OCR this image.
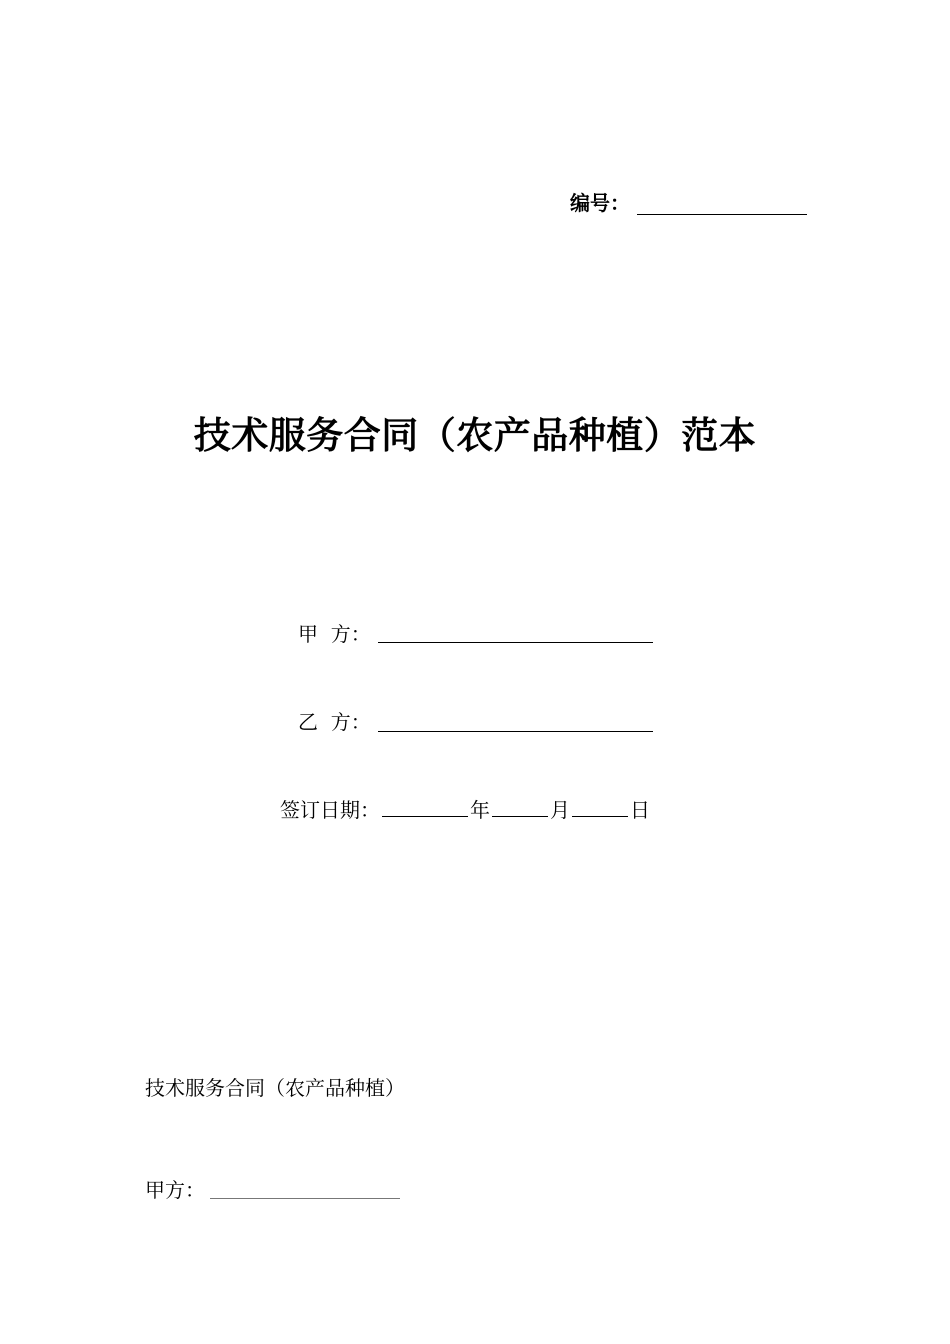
编号：
技术服务合同（农产品种植）范本
甲  方：
乙  方：
签订日期：	年	月	日
技术服务合同（农产品种植）
甲方：
